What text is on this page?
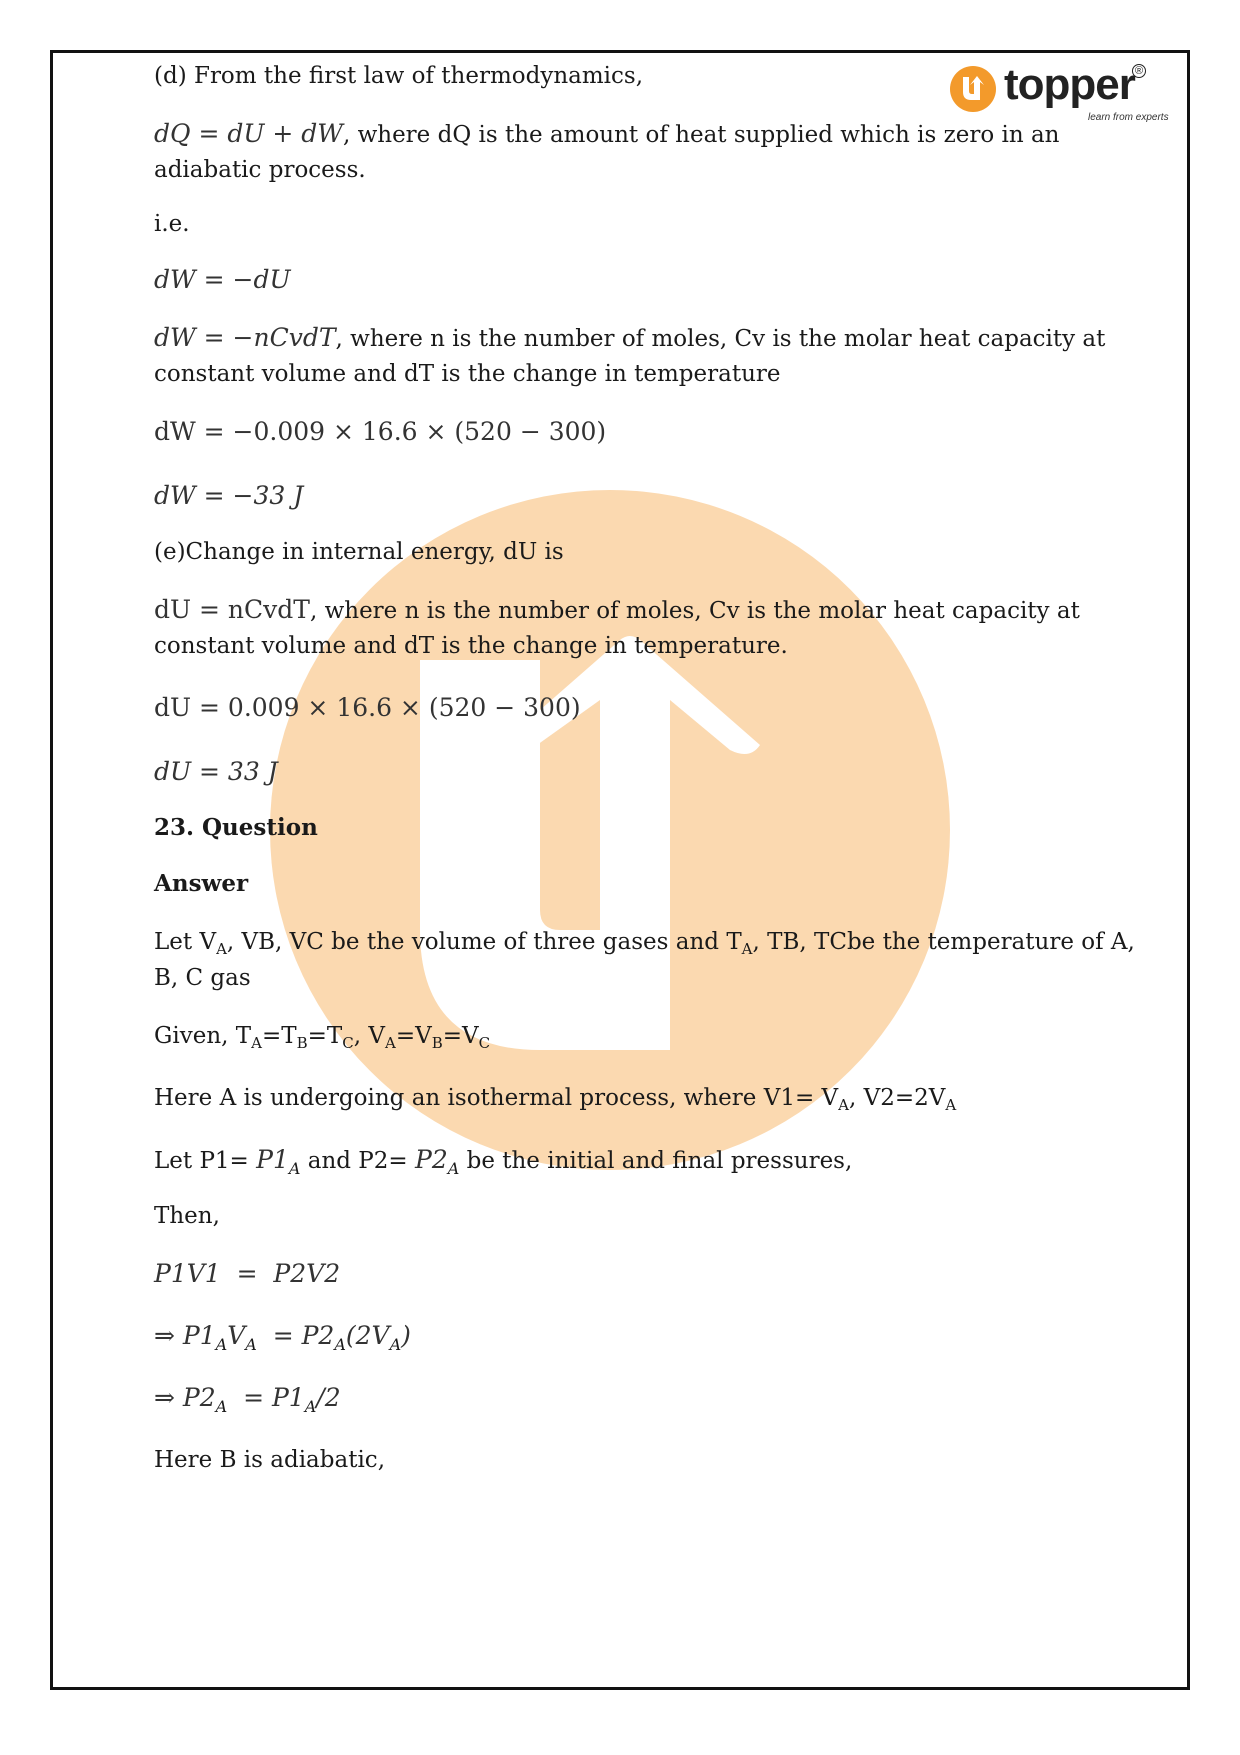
topper ®
learn from experts
(d) From the first law of thermodynamics,
dQ = dU + dW, where dQ is the amount of heat supplied which is zero in an
adiabatic process.
i.e.
dW = −dU
dW = −nCvdT, where n is the number of moles, Cv is the molar heat capacity at
constant volume and dT is the change in temperature
dW = −0.009 × 16.6 × (520 − 300)
dW = −33 J
(e)Change in internal energy, dU is
dU = nCvdT, where n is the number of moles, Cv is the molar heat capacity at
constant volume and dT is the change in temperature.
dU = 0.009 × 16.6 × (520 − 300)
dU = 33 J
23. Question
Answer
Let $V_A$, VB, VC be the volume of three gases and $T_A$, TB, TCbe the temperature of A,
B, C gas
Given, $T_A=T_B=T_C$, $V_A=V_B=V_C$
Here A is undergoing an isothermal process, where $V1= V_A$, $V2=2V_A$
Let $P1= P1_A$ and $P2= P2_A$ be the initial and final pressures,
Then,
P1V1  =  P2V2
⇒ $P1_AV_A = P2_A(2V_A)$
⇒ $P2_A = P1_A/2$
Here B is adiabatic,
